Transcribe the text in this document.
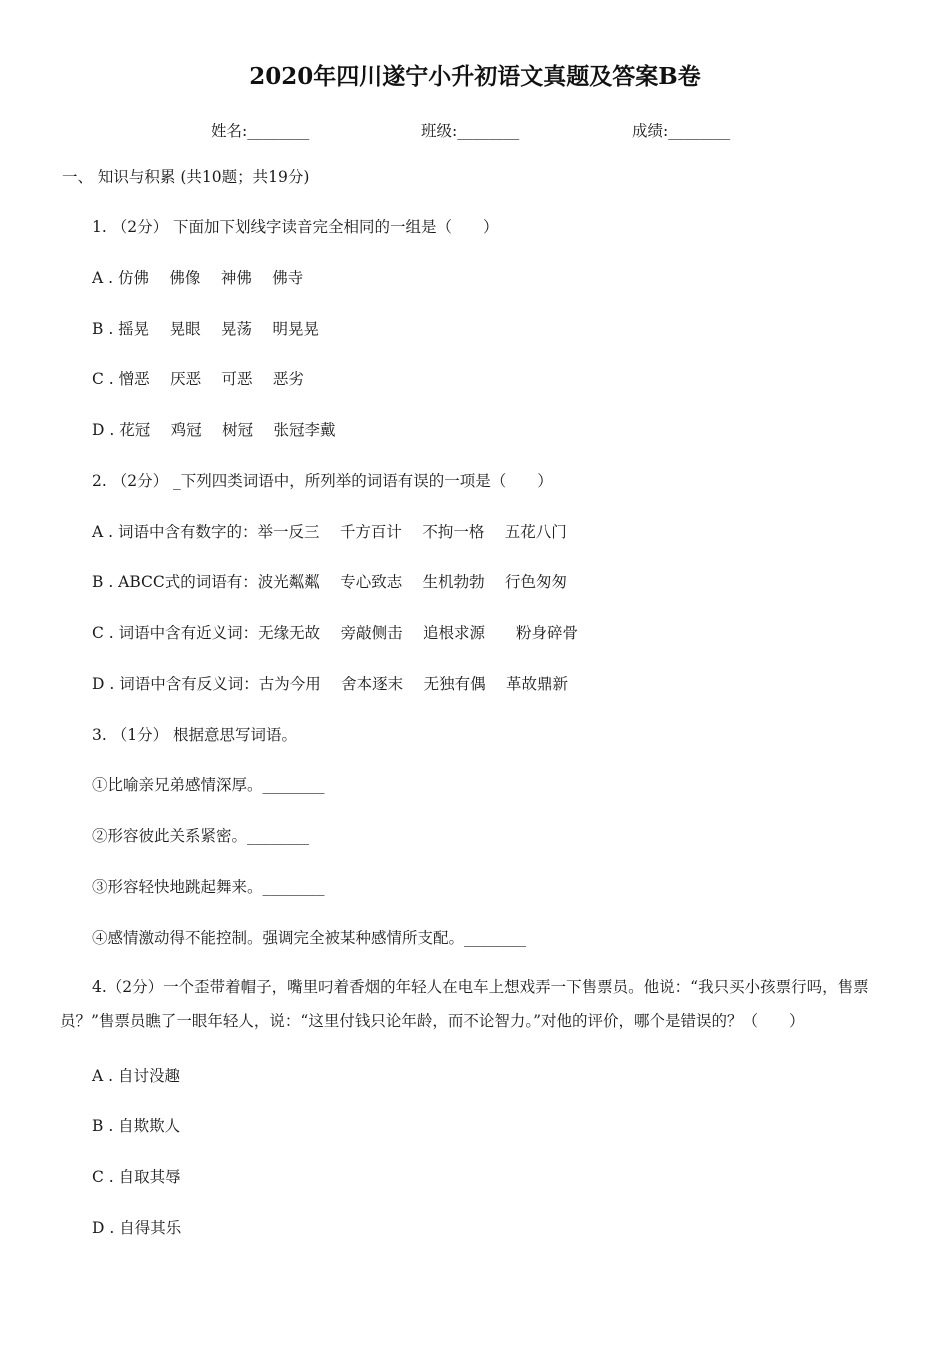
2020年四川遂宁小升初语文真题及答案B卷
姓名:________	班级:________	成绩:________
一、 知识与积累 (共10题；共19分)
1. （2分） 下面加下划线字读音完全相同的一组是（　　）
A . 仿佛　 佛像　 神佛　 佛寺
B . 摇晃　 晃眼　 晃荡　 明晃晃
C . 憎恶　 厌恶　 可恶　 恶劣
D . 花冠　 鸡冠　 树冠　 张冠李戴
2. （2分） _下列四类词语中，所列举的词语有误的一项是（　　）
A . 词语中含有数字的：举一反三　 千方百计　 不拘一格　 五花八门
B . ABCC式的词语有：波光粼粼　 专心致志　 生机勃勃　 行色匆匆
C . 词语中含有近义词：无缘无故　 旁敲侧击　 追根求源　　粉身碎骨
D . 词语中含有反义词：古为今用　 舍本逐末　 无独有偶　 革故鼎新
3. （1分） 根据意思写词语。
①比喻亲兄弟感情深厚。________
②形容彼此关系紧密。________
③形容轻快地跳起舞来。________
④感情激动得不能控制。强调完全被某种感情所支配。________
4.（2分）一个歪带着帽子，嘴里叼着香烟的年轻人在电车上想戏弄一下售票员。他说：“我只买小孩票行吗，售票员？”售票员瞧了一眼年轻人，说：“这里付钱只论年龄，而不论智力。”对他的评价，哪个是错误的？（　　）
A . 自讨没趣
B . 自欺欺人
C . 自取其辱
D . 自得其乐
